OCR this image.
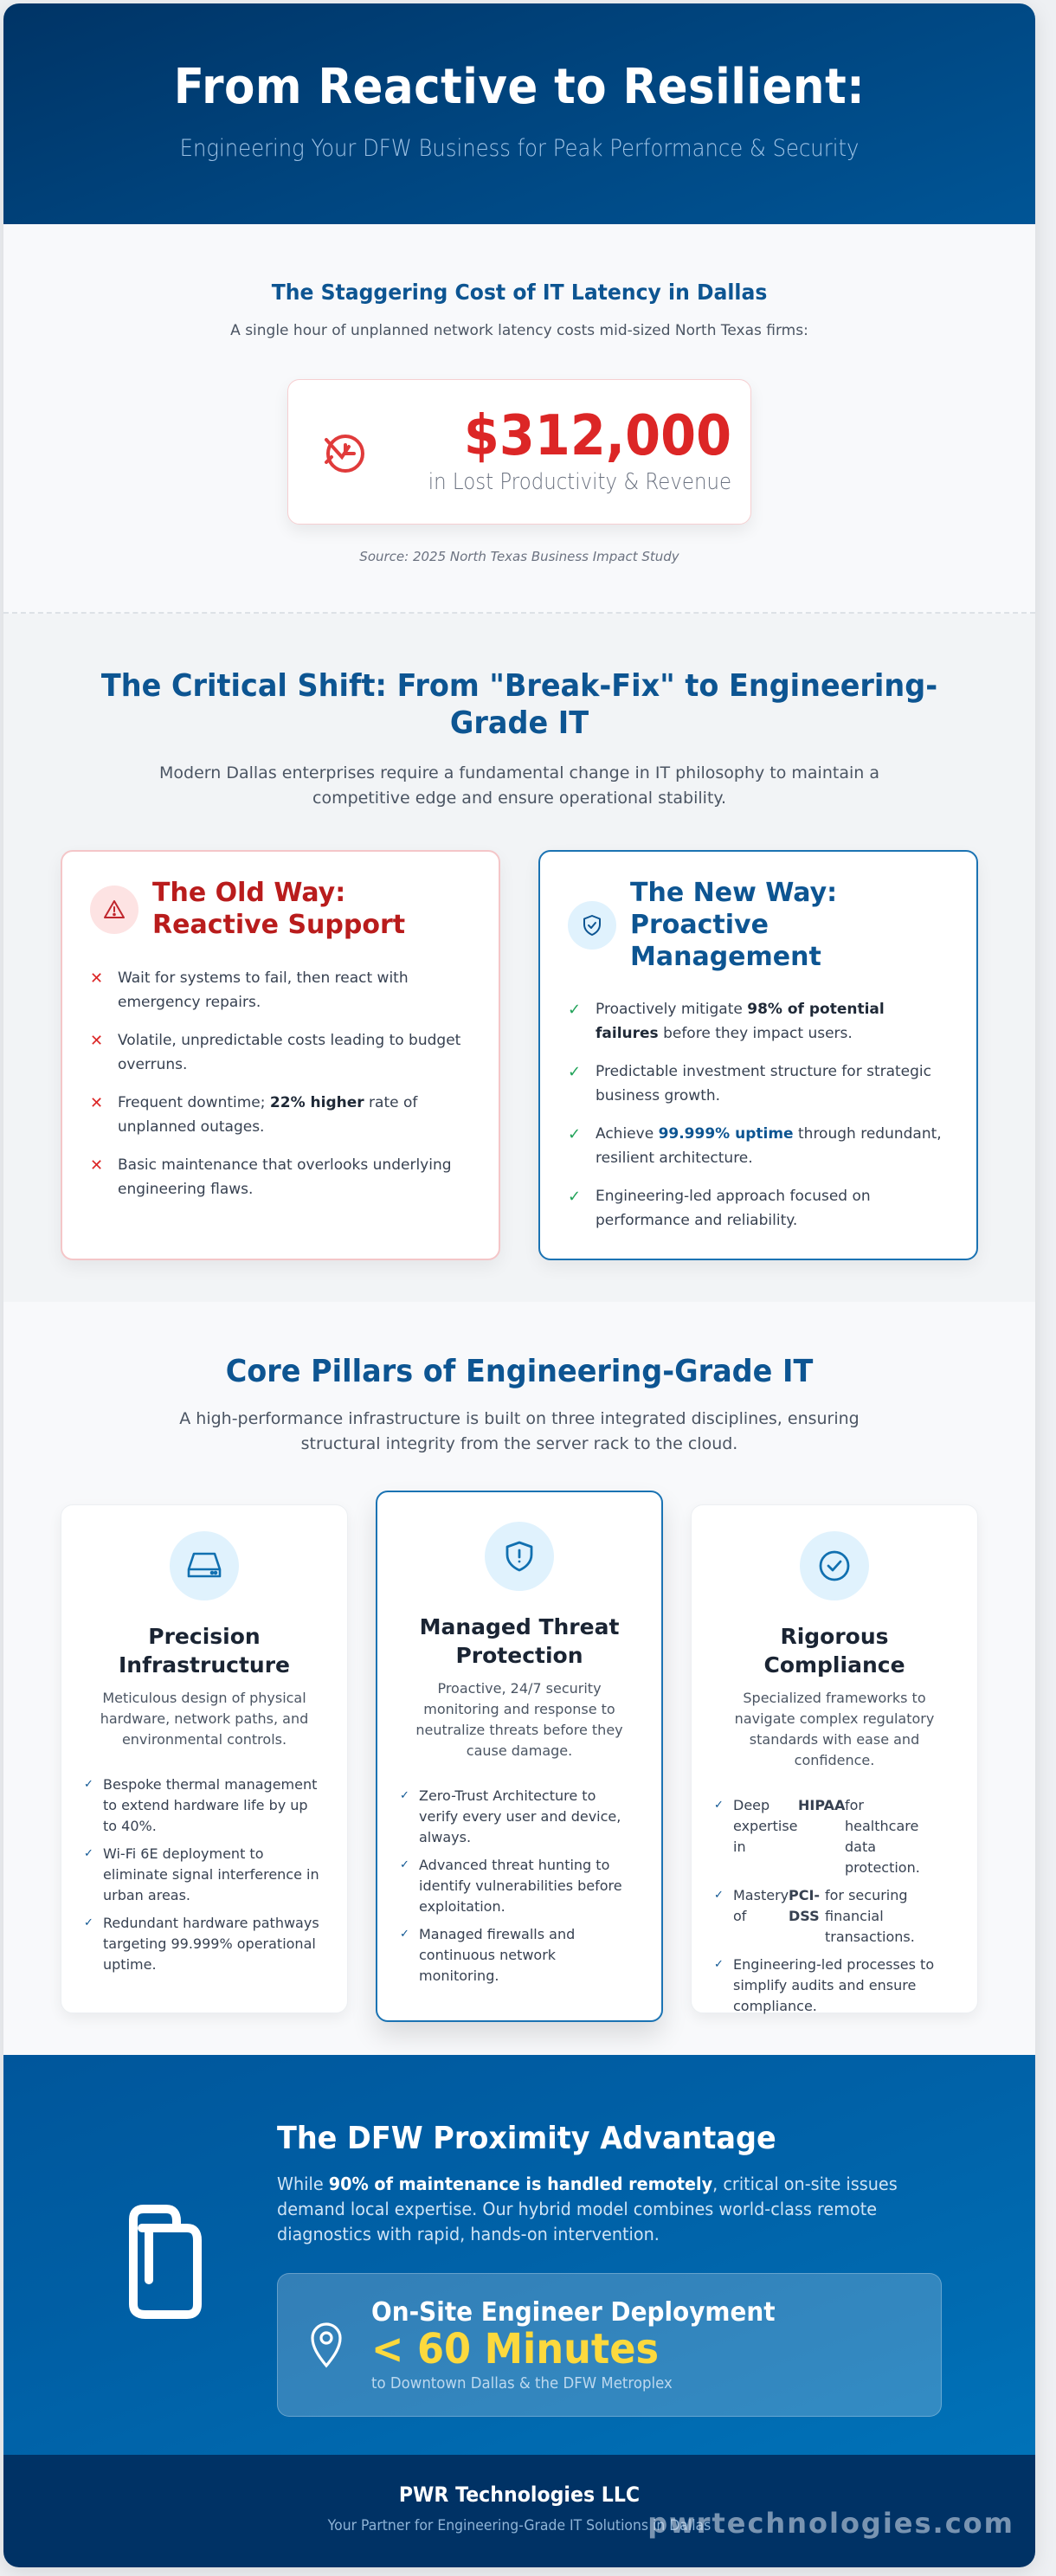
From Reactive to Resilient:

Engineering Your DFW Business for Peak Performance & Security

The Staggering Cost of IT Latency in Dallas

A single hour of unplanned network latency costs mid-sized North Texas firms:

$312,000
in Lost Productivity & Revenue

Source: 2025 North Texas Business Impact Study

The Critical Shift: From "Break-Fix" to Engineering-Grade IT

Modern Dallas enterprises require a fundamental change in IT philosophy to maintain a competitive edge and ensure operational stability.

The Old Way: Reactive Support
✕ Wait for systems to fail, then react with emergency repairs.
✕ Volatile, unpredictable costs leading to budget overruns.
✕ Frequent downtime; 22% higher rate of unplanned outages.
✕ Basic maintenance that overlooks underlying engineering flaws.
The New Way: Proactive Management
✓ Proactively mitigate 98% of potential failures before they impact users.
✓ Predictable investment structure for strategic business growth.
✓ Achieve 99.999% uptime through redundant, resilient architecture.
✓ Engineering-led approach focused on performance and reliability.
Core Pillars of Engineering-Grade IT

A high-performance infrastructure is built on three integrated disciplines, ensuring structural integrity from the server rack to the cloud.

Precision Infrastructure
Meticulous design of physical hardware, network paths, and environmental controls.
✓ Bespoke thermal management to extend hardware life by up to 40%.
✓ Wi-Fi 6E deployment to eliminate signal interference in urban areas.
✓ Redundant hardware pathways targeting 99.999% operational uptime.
Managed Threat Protection
Proactive, 24/7 security monitoring and response to neutralize threats before they cause damage.
✓ Zero-Trust Architecture to verify every user and device, always.
✓ Advanced threat hunting to identify vulnerabilities before exploitation.
✓ Managed firewalls and continuous network monitoring.
Rigorous Compliance
Specialized frameworks to navigate complex regulatory standards with ease and confidence.
✓ Deep expertise in
HIPAA for healthcare data protection.
✓ Mastery of
PCI-DSS
for securing financial transactions.
✓ Engineering-led processes to simplify audits and ensure compliance.
The DFW Proximity Advantage

While 90% of maintenance is handled remotely, critical on-site issues demand local expertise. Our hybrid model combines world-class remote diagnostics with rapid, hands-on intervention.

On-Site Engineer Deployment
< 60 Minutes
to Downtown Dallas & the DFW Metroplex
PWR Technologies LLC
Your Partner for Engineering-Grade IT Solutions in Dallas
pwrtechnologies.com
